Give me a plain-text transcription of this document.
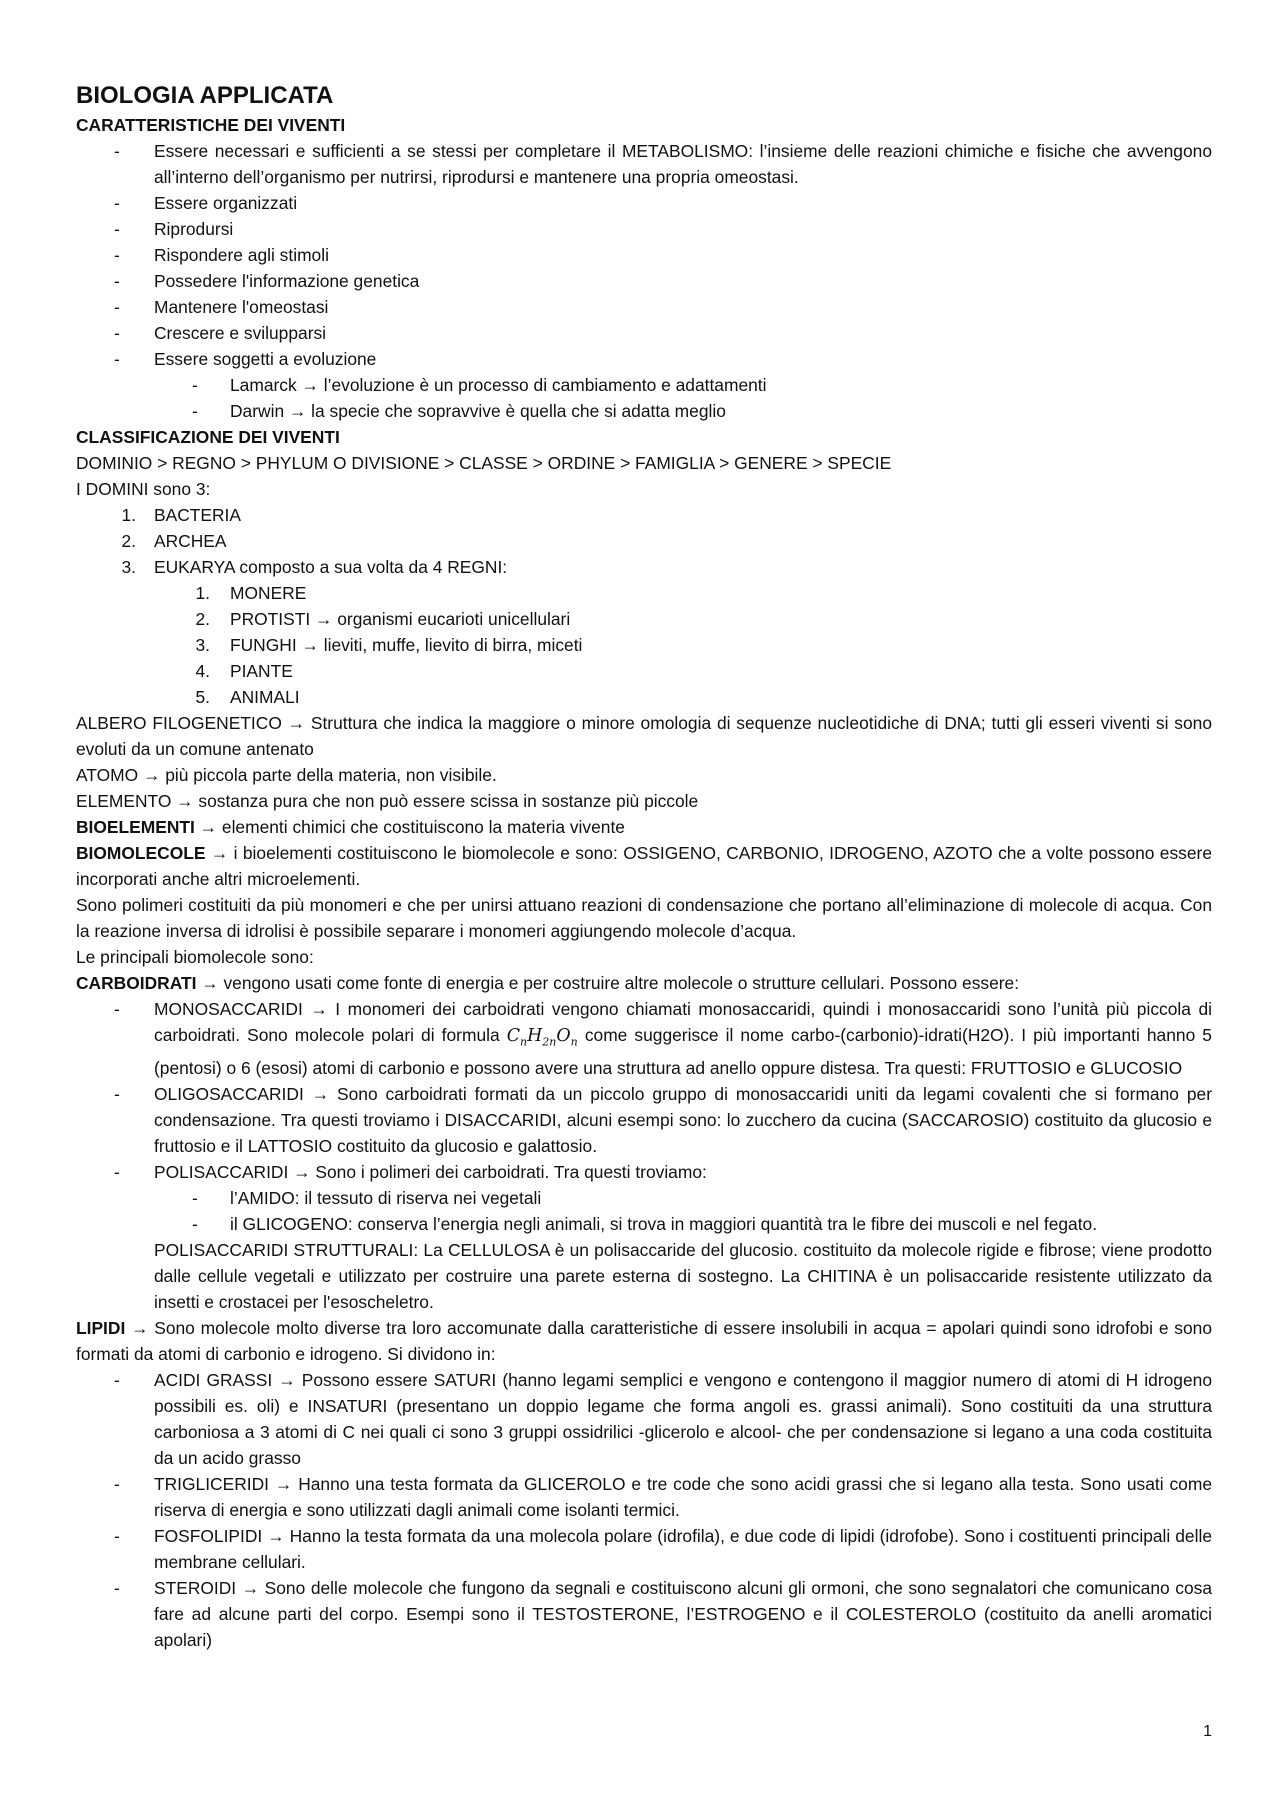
BIOLOGIA APPLICATA
CARATTERISTICHE DEI VIVENTI
-	Essere necessari e sufficienti a se stessi per completare il METABOLISMO: l’insieme delle reazioni chimiche e fisiche che avvengono all’interno dell’organismo per nutrirsi, riprodursi e mantenere una propria omeostasi.
-	Essere organizzati
-	Riprodursi
-	Rispondere agli stimoli
-	Possedere l'informazione genetica
-	Mantenere l'omeostasi
-	Crescere e svilupparsi
-	Essere soggetti a evoluzione
-	Lamarck → l’evoluzione è un processo di cambiamento e adattamenti
-	Darwin → la specie che sopravvive è quella che si adatta meglio
CLASSIFICAZIONE DEI VIVENTI

DOMINIO > REGNO > PHYLUM O DIVISIONE > CLASSE > ORDINE > FAMIGLIA > GENERE > SPECIE

I DOMINI sono 3:

1. BACTERIA
2. ARCHEA
3. EUKARYA composto a sua volta da 4 REGNI:
1. MONERE
2. PROTISTI → organismi eucarioti unicellulari
3. FUNGHI → lieviti, muffe, lievito di birra, miceti
4. PIANTE
5. ANIMALI

ALBERO FILOGENETICO → Struttura che indica la maggiore o minore omologia di sequenze nucleotidiche di DNA; tutti gli esseri viventi si sono evoluti da un comune antenato

ATOMO → più piccola parte della materia, non visibile.

ELEMENTO → sostanza pura che non può essere scissa in sostanze più piccole

BIOELEMENTI → elementi chimici che costituiscono la materia vivente

BIOMOLECOLE → i bioelementi costituiscono le biomolecole e sono: OSSIGENO, CARBONIO, IDROGENO, AZOTO che a volte possono essere incorporati anche altri microelementi.

Sono polimeri costituiti da più monomeri e che per unirsi attuano reazioni di condensazione che portano all’eliminazione di molecole di acqua. Con la reazione inversa di idrolisi è possibile separare i monomeri aggiungendo molecole d’acqua.

Le principali biomolecole sono:

CARBOIDRATI → vengono usati come fonte di energia e per costruire altre molecole o strutture cellulari. Possono essere:

-	MONOSACCARIDI → I monomeri dei carboidrati vengono chiamati monosaccaridi, quindi i monosaccaridi sono l’unità più piccola di carboidrati. Sono molecole polari di formula $C_nH_{2n}O_n$ come suggerisce il nome carbo-(carbonio)-idrati(H2O). I più importanti hanno 5 (pentosi) o 6 (esosi) atomi di carbonio e possono avere una struttura ad anello oppure distesa. Tra questi: FRUTTOSIO e GLUCOSIO
-	OLIGOSACCARIDI → Sono carboidrati formati da un piccolo gruppo di monosaccaridi uniti da legami covalenti che si formano per condensazione. Tra questi troviamo i DISACCARIDI, alcuni esempi sono: lo zucchero da cucina (SACCAROSIO) costituito da glucosio e fruttosio e il LATTOSIO costituito da glucosio e galattosio.
-	POLISACCARIDI → Sono i polimeri dei carboidrati. Tra questi troviamo:
-	l’AMIDO: il tessuto di riserva nei vegetali
-	il GLICOGENO: conserva l’energia negli animali, si trova in maggiori quantità tra le fibre dei muscoli e nel fegato.
POLISACCARIDI STRUTTURALI: La CELLULOSA è un polisaccaride del glucosio. costituito da molecole rigide e fibrose; viene prodotto dalle cellule vegetali e utilizzato per costruire una parete esterna di sostegno. La CHITINA è un polisaccaride resistente utilizzato da insetti e crostacei per l'esoscheletro.

LIPIDI → Sono molecole molto diverse tra loro accomunate dalla caratteristiche di essere insolubili in acqua = apolari quindi sono idrofobi e sono formati da atomi di carbonio e idrogeno. Si dividono in:

-	ACIDI GRASSI → Possono essere SATURI (hanno legami semplici e vengono e contengono il maggior numero di atomi di H idrogeno possibili es. oli) e INSATURI (presentano un doppio legame che forma angoli es. grassi animali). Sono costituiti da una struttura carboniosa a 3 atomi di C nei quali ci sono 3 gruppi ossidrilici -glicerolo e alcool- che per condensazione si legano a una coda costituita da un acido grasso
-	TRIGLICERIDI → Hanno una testa formata da GLICEROLO e tre code che sono acidi grassi che si legano alla testa. Sono usati come riserva di energia e sono utilizzati dagli animali come isolanti termici.
-	FOSFOLIPIDI → Hanno la testa formata da una molecola polare (idrofila), e due code di lipidi (idrofobe). Sono i costituenti principali delle membrane cellulari.
-	STEROIDI → Sono delle molecole che fungono da segnali e costituiscono alcuni gli ormoni, che sono segnalatori che comunicano cosa fare ad alcune parti del corpo. Esempi sono il TESTOSTERONE, l’ESTROGENO e il COLESTEROLO (costituito da anelli aromatici apolari)
1
